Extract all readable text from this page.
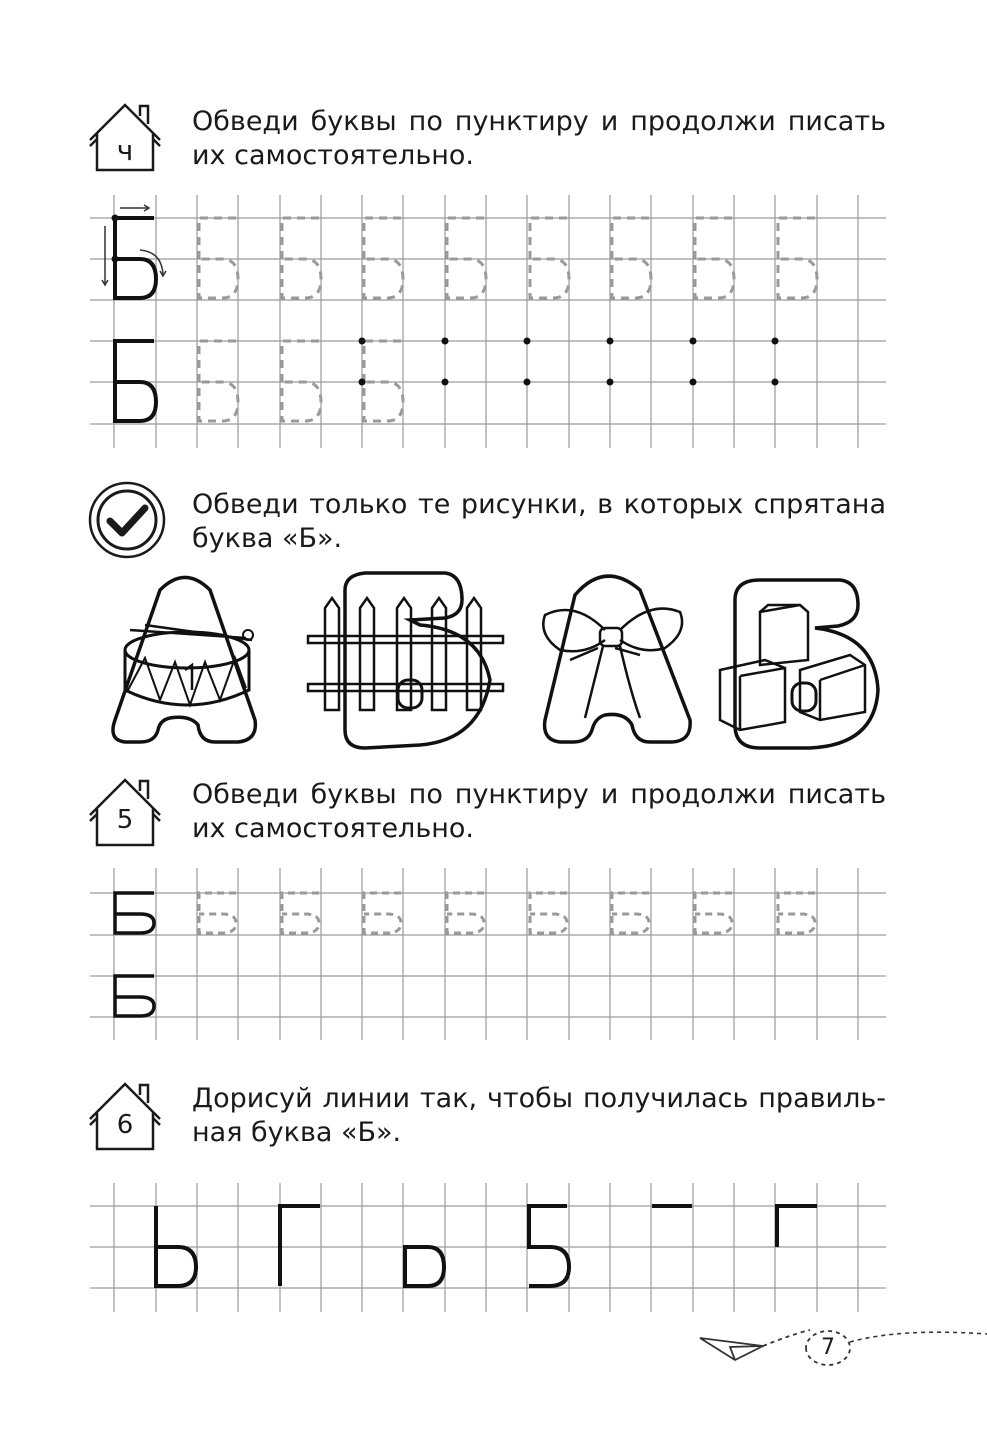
ч

Обведи буквы по пунктиру и продолжи писать
их самостоятельно.

Обведи только те рисунки, в которых спрятана
буква «Б».

5

Обведи буквы по пунктиру и продолжи писать
их самостоятельно.

6

Дорисуй линии так, чтобы получилась правиль-
ная буква «Б».

7
